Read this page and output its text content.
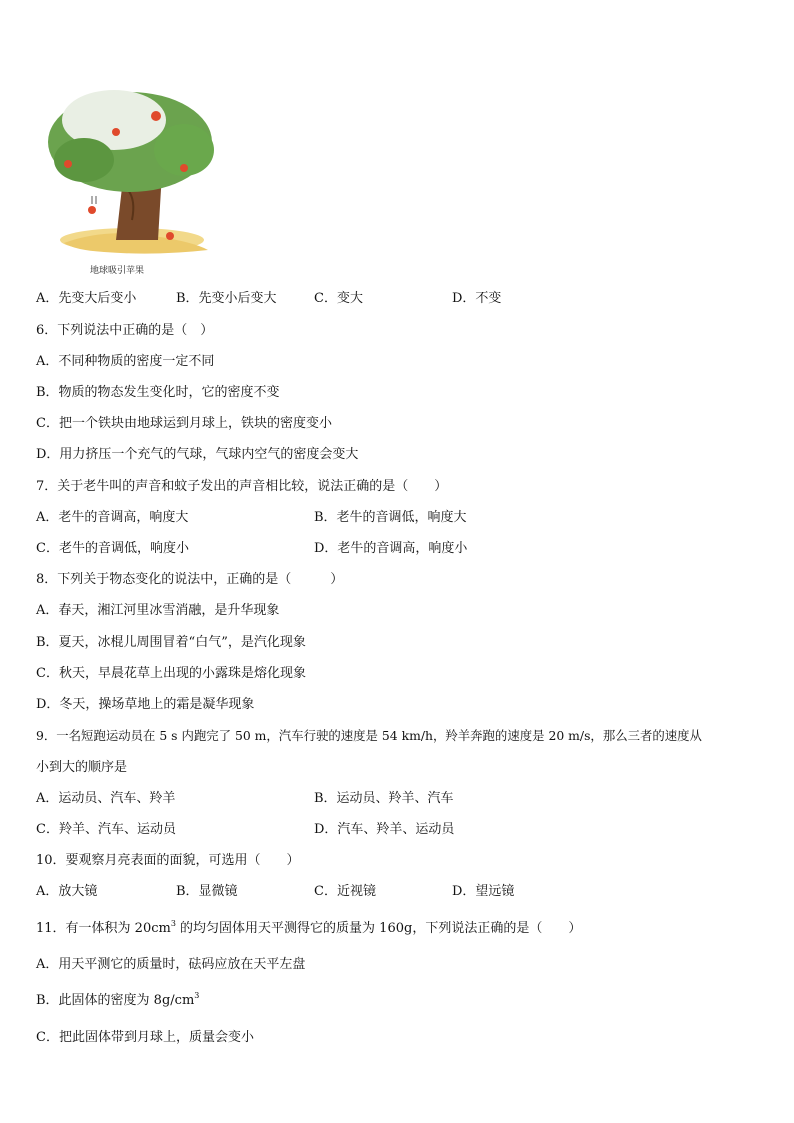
地球吸引苹果
A．先变大后变小	B．先变小后变大	C．变大	D．不变
6．下列说法中正确的是（　）
A．不同种物质的密度一定不同
B．物质的物态发生变化时，它的密度不变
C．把一个铁块由地球运到月球上，铁块的密度变小
D．用力挤压一个充气的气球，气球内空气的密度会变大
7．关于老牛叫的声音和蚊子发出的声音相比较，说法正确的是（　　）
A．老牛的音调高，响度大	B．老牛的音调低，响度大
C．老牛的音调低，响度小	D．老牛的音调高，响度小
8．下列关于物态变化的说法中，正确的是（　　　）
A．春天，湘江河里冰雪消融，是升华现象
B．夏天，冰棍儿周围冒着“白气”，是汽化现象
C．秋天，早晨花草上出现的小露珠是熔化现象
D．冬天，操场草地上的霜是凝华现象
9．一名短跑运动员在 5 s 内跑完了 50 m，汽车行驶的速度是 54 km/h，羚羊奔跑的速度是 20 m/s，那么三者的速度从
小到大的顺序是
A．运动员、汽车、羚羊	B．运动员、羚羊、汽车
C．羚羊、汽车、运动员	D．汽车、羚羊、运动员
10．要观察月亮表面的面貌，可选用（　　）
A．放大镜	B．显微镜	C．近视镜	D．望远镜
11．有一体积为 $20cm^3$ 的均匀固体用天平测得它的质量为 160g，下列说法正确的是（　　）
A．用天平测它的质量时，砝码应放在天平左盘
B．此固体的密度为 $8g/cm^3$
C．把此固体带到月球上，质量会变小
